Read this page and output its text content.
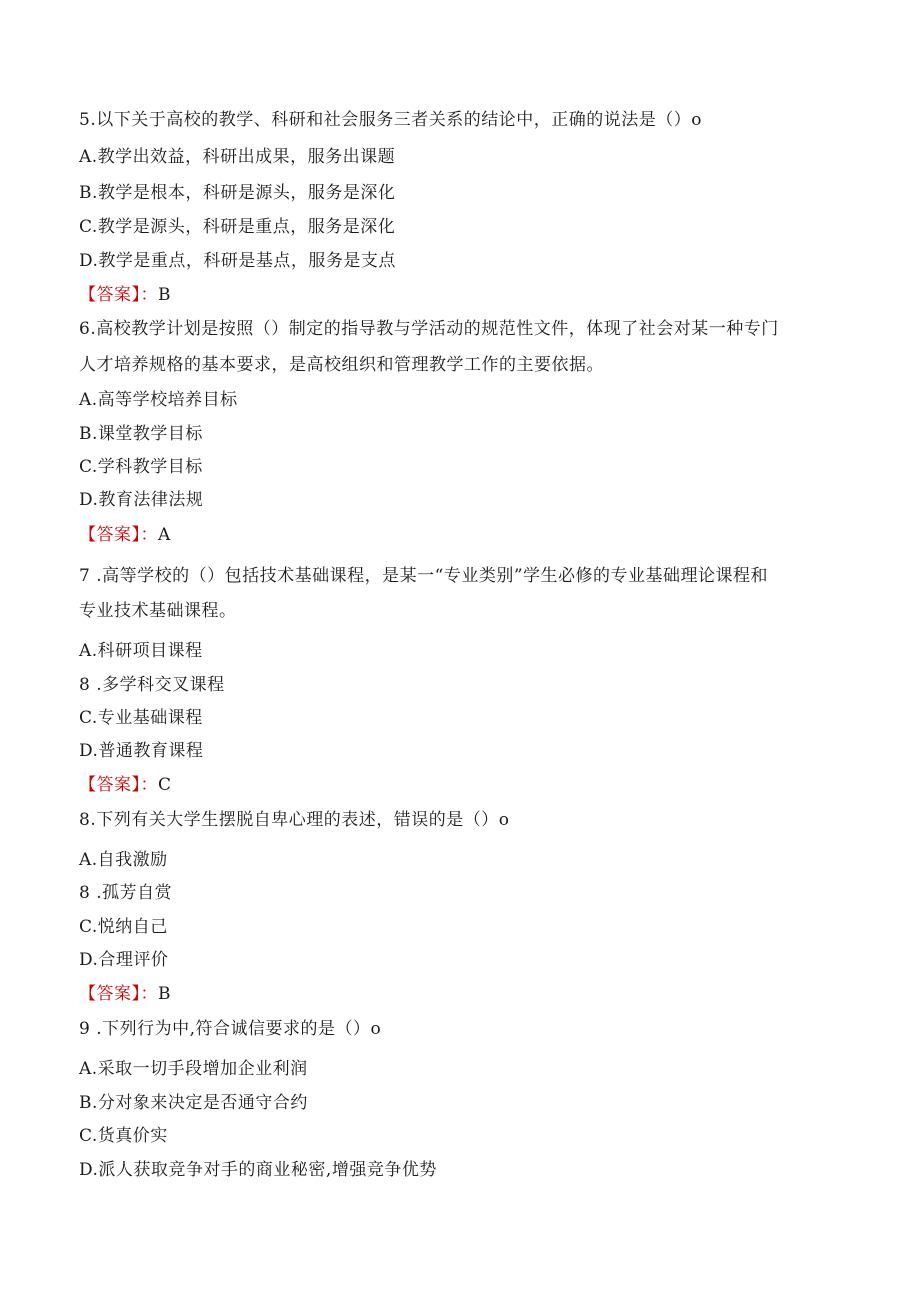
5.以下关于高校的教学、科研和社会服务三者关系的结论中，正确的说法是（）o
A.教学出效益，科研出成果，服务出课题
B.教学是根本，科研是源头，服务是深化
C.教学是源头，科研是重点，服务是深化
D.教学是重点，科研是基点，服务是支点
【答案】：B
6.高校教学计划是按照（）制定的指导教与学活动的规范性文件，体现了社会对某一种专门
人才培养规格的基本要求，是高校组织和管理教学工作的主要依据。
A.高等学校培养目标
B.课堂教学目标
C.学科教学目标
D.教育法律法规
【答案】：A
7 .高等学校的（）包括技术基础课程，是某一“专业类别”学生必修的专业基础理论课程和
专业技术基础课程。
A.科研项目课程
8 .多学科交叉课程
C.专业基础课程
D.普通教育课程
【答案】：C
8.下列有关大学生摆脱自卑心理的表述，错误的是（）o
A.自我激励
8 .孤芳自赏
C.悦纳自己
D.合理评价
【答案】：B
9 .下列行为中,符合诚信要求的是（）o
A.采取一切手段增加企业利润
B.分对象来决定是否通守合约
C.货真价实
D.派人获取竞争对手的商业秘密,增强竞争优势
